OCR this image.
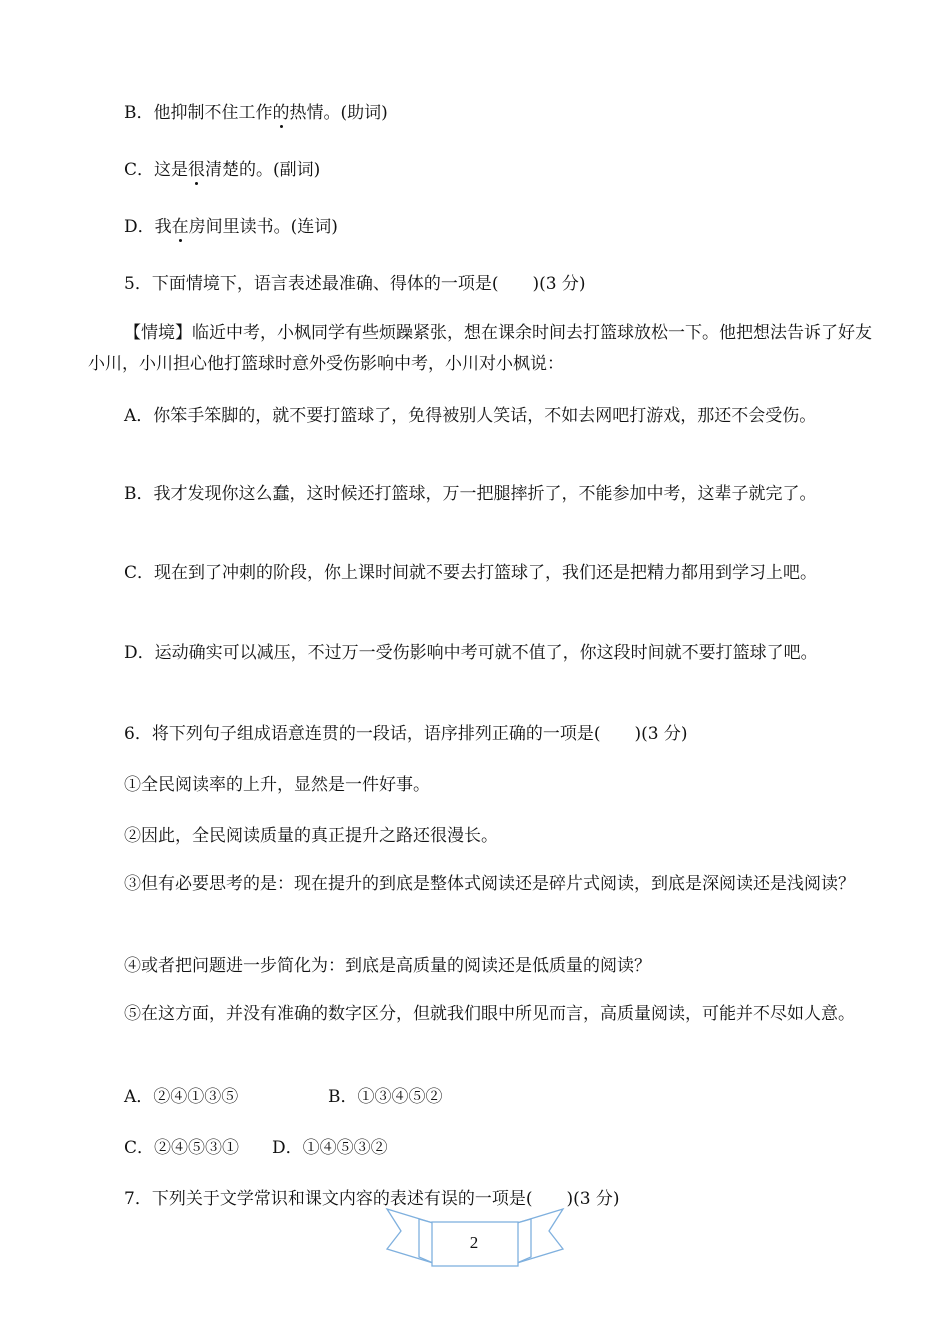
B．他抑制不住工作的热情。(助词)
C．这是很清楚的。(副词)
D．我在房间里读书。(连词)
5．下面情境下，语言表述最准确、得体的一项是(　　)(3 分)
【情境】临近中考，小枫同学有些烦躁紧张，想在课余时间去打篮球放松一下。他把想法告诉了好友小川，小川担心他打篮球时意外受伤影响中考，小川对小枫说：
A．你笨手笨脚的，就不要打篮球了，免得被别人笑话，不如去网吧打游戏，那还不会受伤。
B．我才发现你这么蠢，这时候还打篮球，万一把腿摔折了，不能参加中考，这辈子就完了。
C．现在到了冲刺的阶段，你上课时间就不要去打篮球了，我们还是把精力都用到学习上吧。
D．运动确实可以减压，不过万一受伤影响中考可就不值了，你这段时间就不要打篮球了吧。
6．将下列句子组成语意连贯的一段话，语序排列正确的一项是(　　)(3 分)
①全民阅读率的上升，显然是一件好事。
②因此，全民阅读质量的真正提升之路还很漫长。
③但有必要思考的是：现在提升的到底是整体式阅读还是碎片式阅读，到底是深阅读还是浅阅读？
④或者把问题进一步简化为：到底是高质量的阅读还是低质量的阅读？
⑤在这方面，并没有准确的数字区分，但就我们眼中所见而言，高质量阅读，可能并不尽如人意。
A．②④①③⑤	B．①③④⑤②
C．②④⑤③① D．①④⑤③②
7．下列关于文学常识和课文内容的表述有误的一项是(　　)(3 分)
2
